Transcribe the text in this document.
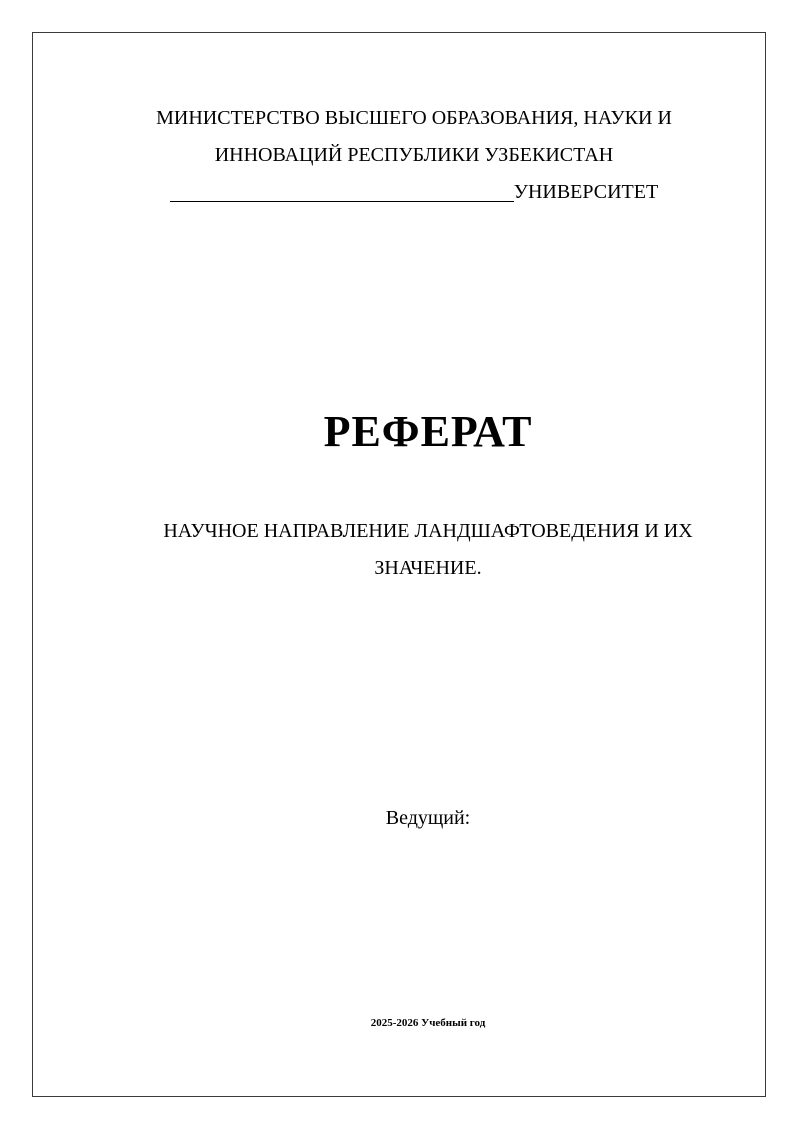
МИНИСТЕРСТВО ВЫСШЕГО ОБРАЗОВАНИЯ, НАУКИ И
ИННОВАЦИЙ РЕСПУБЛИКИ УЗБЕКИСТАН
УНИВЕРСИТЕТ
РЕФЕРАТ
НАУЧНОЕ НАПРАВЛЕНИЕ ЛАНДШАФТОВЕДЕНИЯ И ИХ
ЗНАЧЕНИЕ.
Ведущий:
2025-2026 Учебный год
